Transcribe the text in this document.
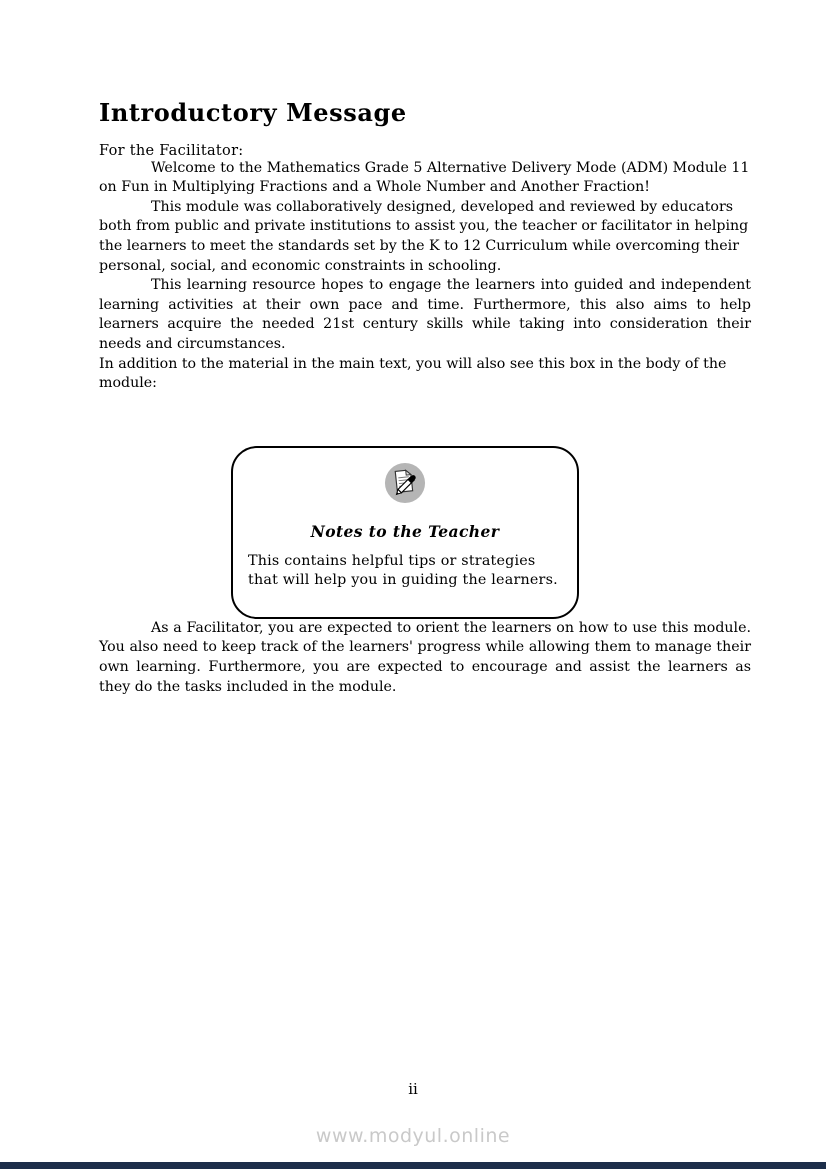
Introductory Message

For the Facilitator:

Welcome to the Mathematics Grade 5 Alternative Delivery Mode (ADM) Module 11 on Fun in Multiplying Fractions and a Whole Number and Another Fraction!

This module was collaboratively designed, developed and reviewed by educators both from public and private institutions to assist you, the teacher or facilitator in helping the learners to meet the standards set by the K to 12 Curriculum while overcoming their personal, social, and economic constraints in schooling.

This learning resource hopes to engage the learners into guided and independent learning activities at their own pace and time. Furthermore, this also aims to help learners acquire the needed 21st century skills while taking into consideration their needs and circumstances.

In addition to the material in the main text, you will also see this box in the body of the module:

Notes to the Teacher
This contains helpful tips or strategies that will help you in guiding the learners.

As a Facilitator, you are expected to orient the learners on how to use this module. You also need to keep track of the learners' progress while allowing them to manage their own learning. Furthermore, you are expected to encourage and assist the learners as they do the tasks included in the module.

ii
www.modyul.online
